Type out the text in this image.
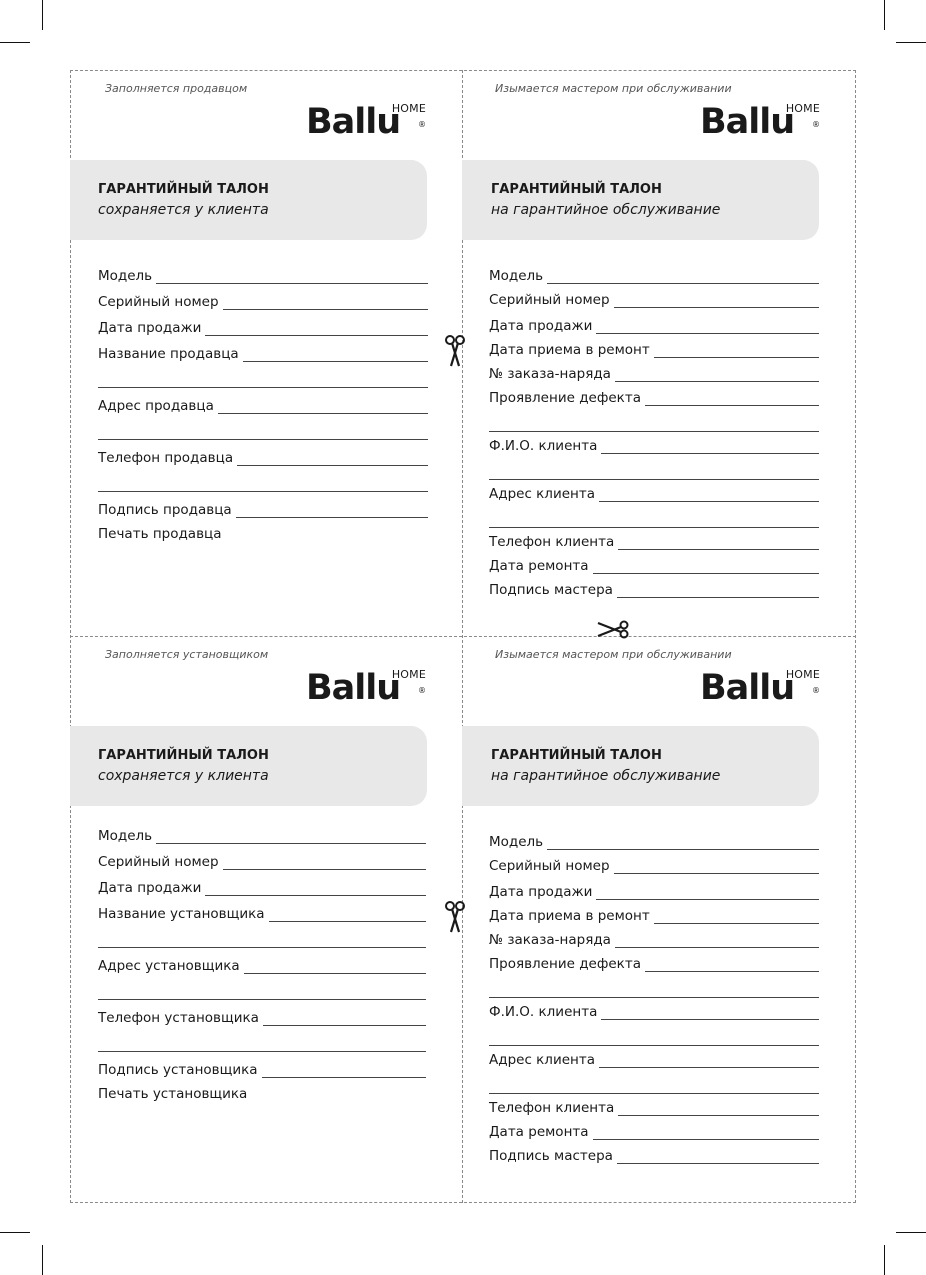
Заполняется продавцом
Ballu
HOME
®
ГАРАНТИЙНЫЙ ТАЛОН
сохраняется у клиента
Модель
Серийный номер
Дата продажи
Название продавца
Адрес продавца
Телефон продавца
Подпись продавца
Печать продавца
Изымается мастером при обслуживании
Ballu
HOME
®
ГАРАНТИЙНЫЙ ТАЛОН
на гарантийное обслуживание
Модель
Серийный номер
Дата продажи
Дата приема в ремонт
№ заказа-наряда
Проявление дефекта
Ф.И.О. клиента
Адрес клиента
Телефон клиента
Дата ремонта
Подпись мастера
Заполняется установщиком
Ballu
HOME
®
ГАРАНТИЙНЫЙ ТАЛОН
сохраняется у клиента
Модель
Серийный номер
Дата продажи
Название установщика
Адрес установщика
Телефон установщика
Подпись установщика
Печать установщика
Изымается мастером при обслуживании
Ballu
HOME
®
ГАРАНТИЙНЫЙ ТАЛОН
на гарантийное обслуживание
Модель
Серийный номер
Дата продажи
Дата приема в ремонт
№ заказа-наряда
Проявление дефекта
Ф.И.О. клиента
Адрес клиента
Телефон клиента
Дата ремонта
Подпись мастера
